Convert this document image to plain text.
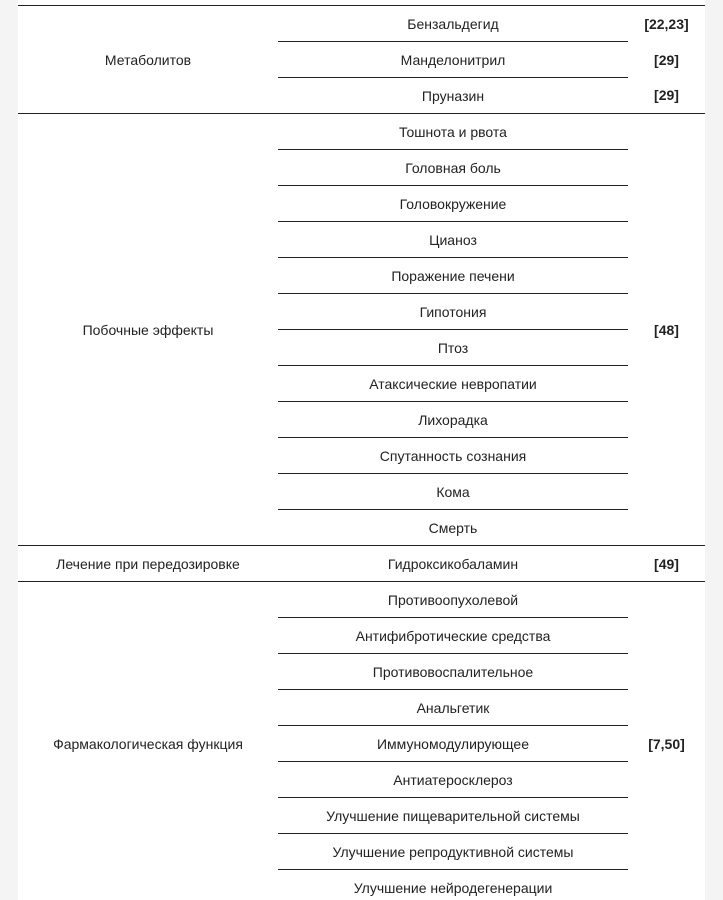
Метаболитов	Бензальдегид	[22,23]
	Манделонитрил	[29]
	Прунaзин	[29]
Побочные эффекты	Тошнота и рвота	[48]
	Головная боль	
	Головокружение	
	Цианоз	
	Поражение печени	
	Гипотония	
	Птоз	
	Атаксические невропатии	
	Лихорадка	
	Спутанность сознания	
	Кома	
	Смерть	
Лечение при передозировке	Гидроксикобаламин	[49]
Фармакологическая функция	Противоопухолевой	[7,50]
	Антифибротические средства	
	Противовоспалительное	
	Анальгетик	
	Иммуномодулирующее	
	Антиатеросклероз	
	Улучшение пищеварительной системы	
	Улучшение репродуктивной системы	
	Улучшение нейродегенерации	
